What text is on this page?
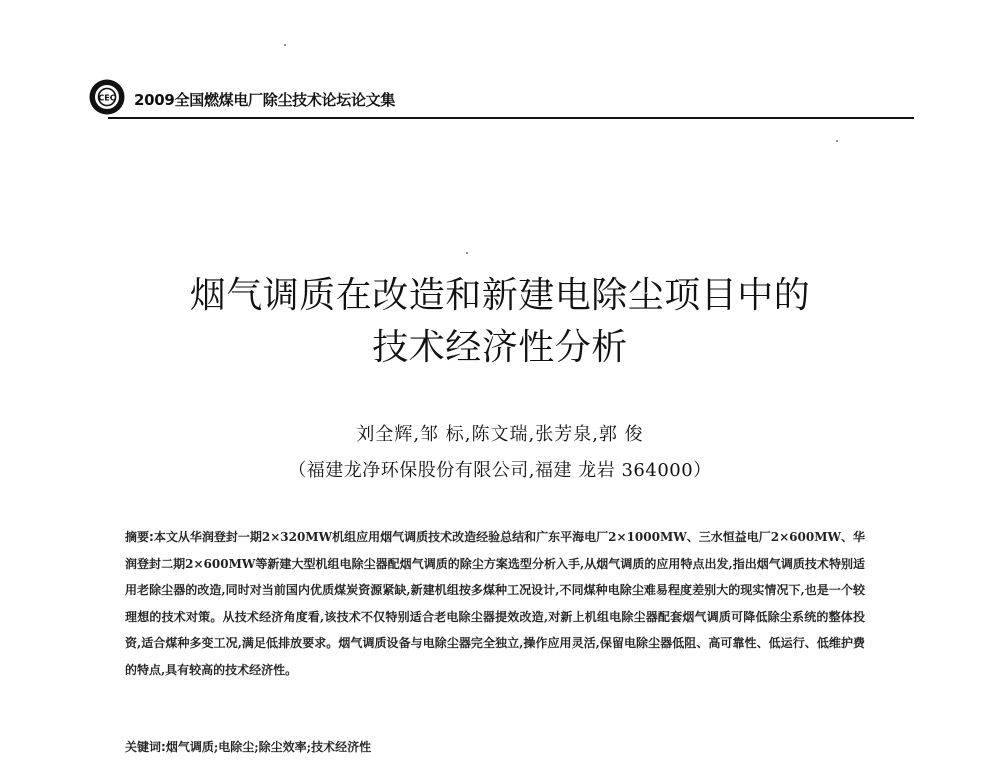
CEC 2009全国燃煤电厂除尘技术论坛论文集
烟气调质在改造和新建电除尘项目中的
技术经济性分析
刘全辉,邹 标,陈文瑞,张芳泉,郭 俊
（福建龙净环保股份有限公司,福建 龙岩 364000）
摘要:本文从华润登封一期2×320MW机组应用烟气调质技术改造经验总结和广东平海电厂2×1000MW、三水恒益电厂2×600MW、华润登封二期2×600MW等新建大型机组电除尘器配烟气调质的除尘方案选型分析入手,从烟气调质的应用特点出发,指出烟气调质技术特别适用老除尘器的改造,同时对当前国内优质煤炭资源紧缺,新建机组按多煤种工况设计,不同煤种电除尘难易程度差别大的现实情况下,也是一个较理想的技术对策。从技术经济角度看,该技术不仅特别适合老电除尘器提效改造,对新上机组电除尘器配套烟气调质可降低除尘系统的整体投资,适合煤种多变工况,满足低排放要求。烟气调质设备与电除尘器完全独立,操作应用灵活,保留电除尘器低阻、高可靠性、低运行、低维护费的特点,具有较高的技术经济性。
关键词:烟气调质;电除尘;除尘效率;技术经济性
